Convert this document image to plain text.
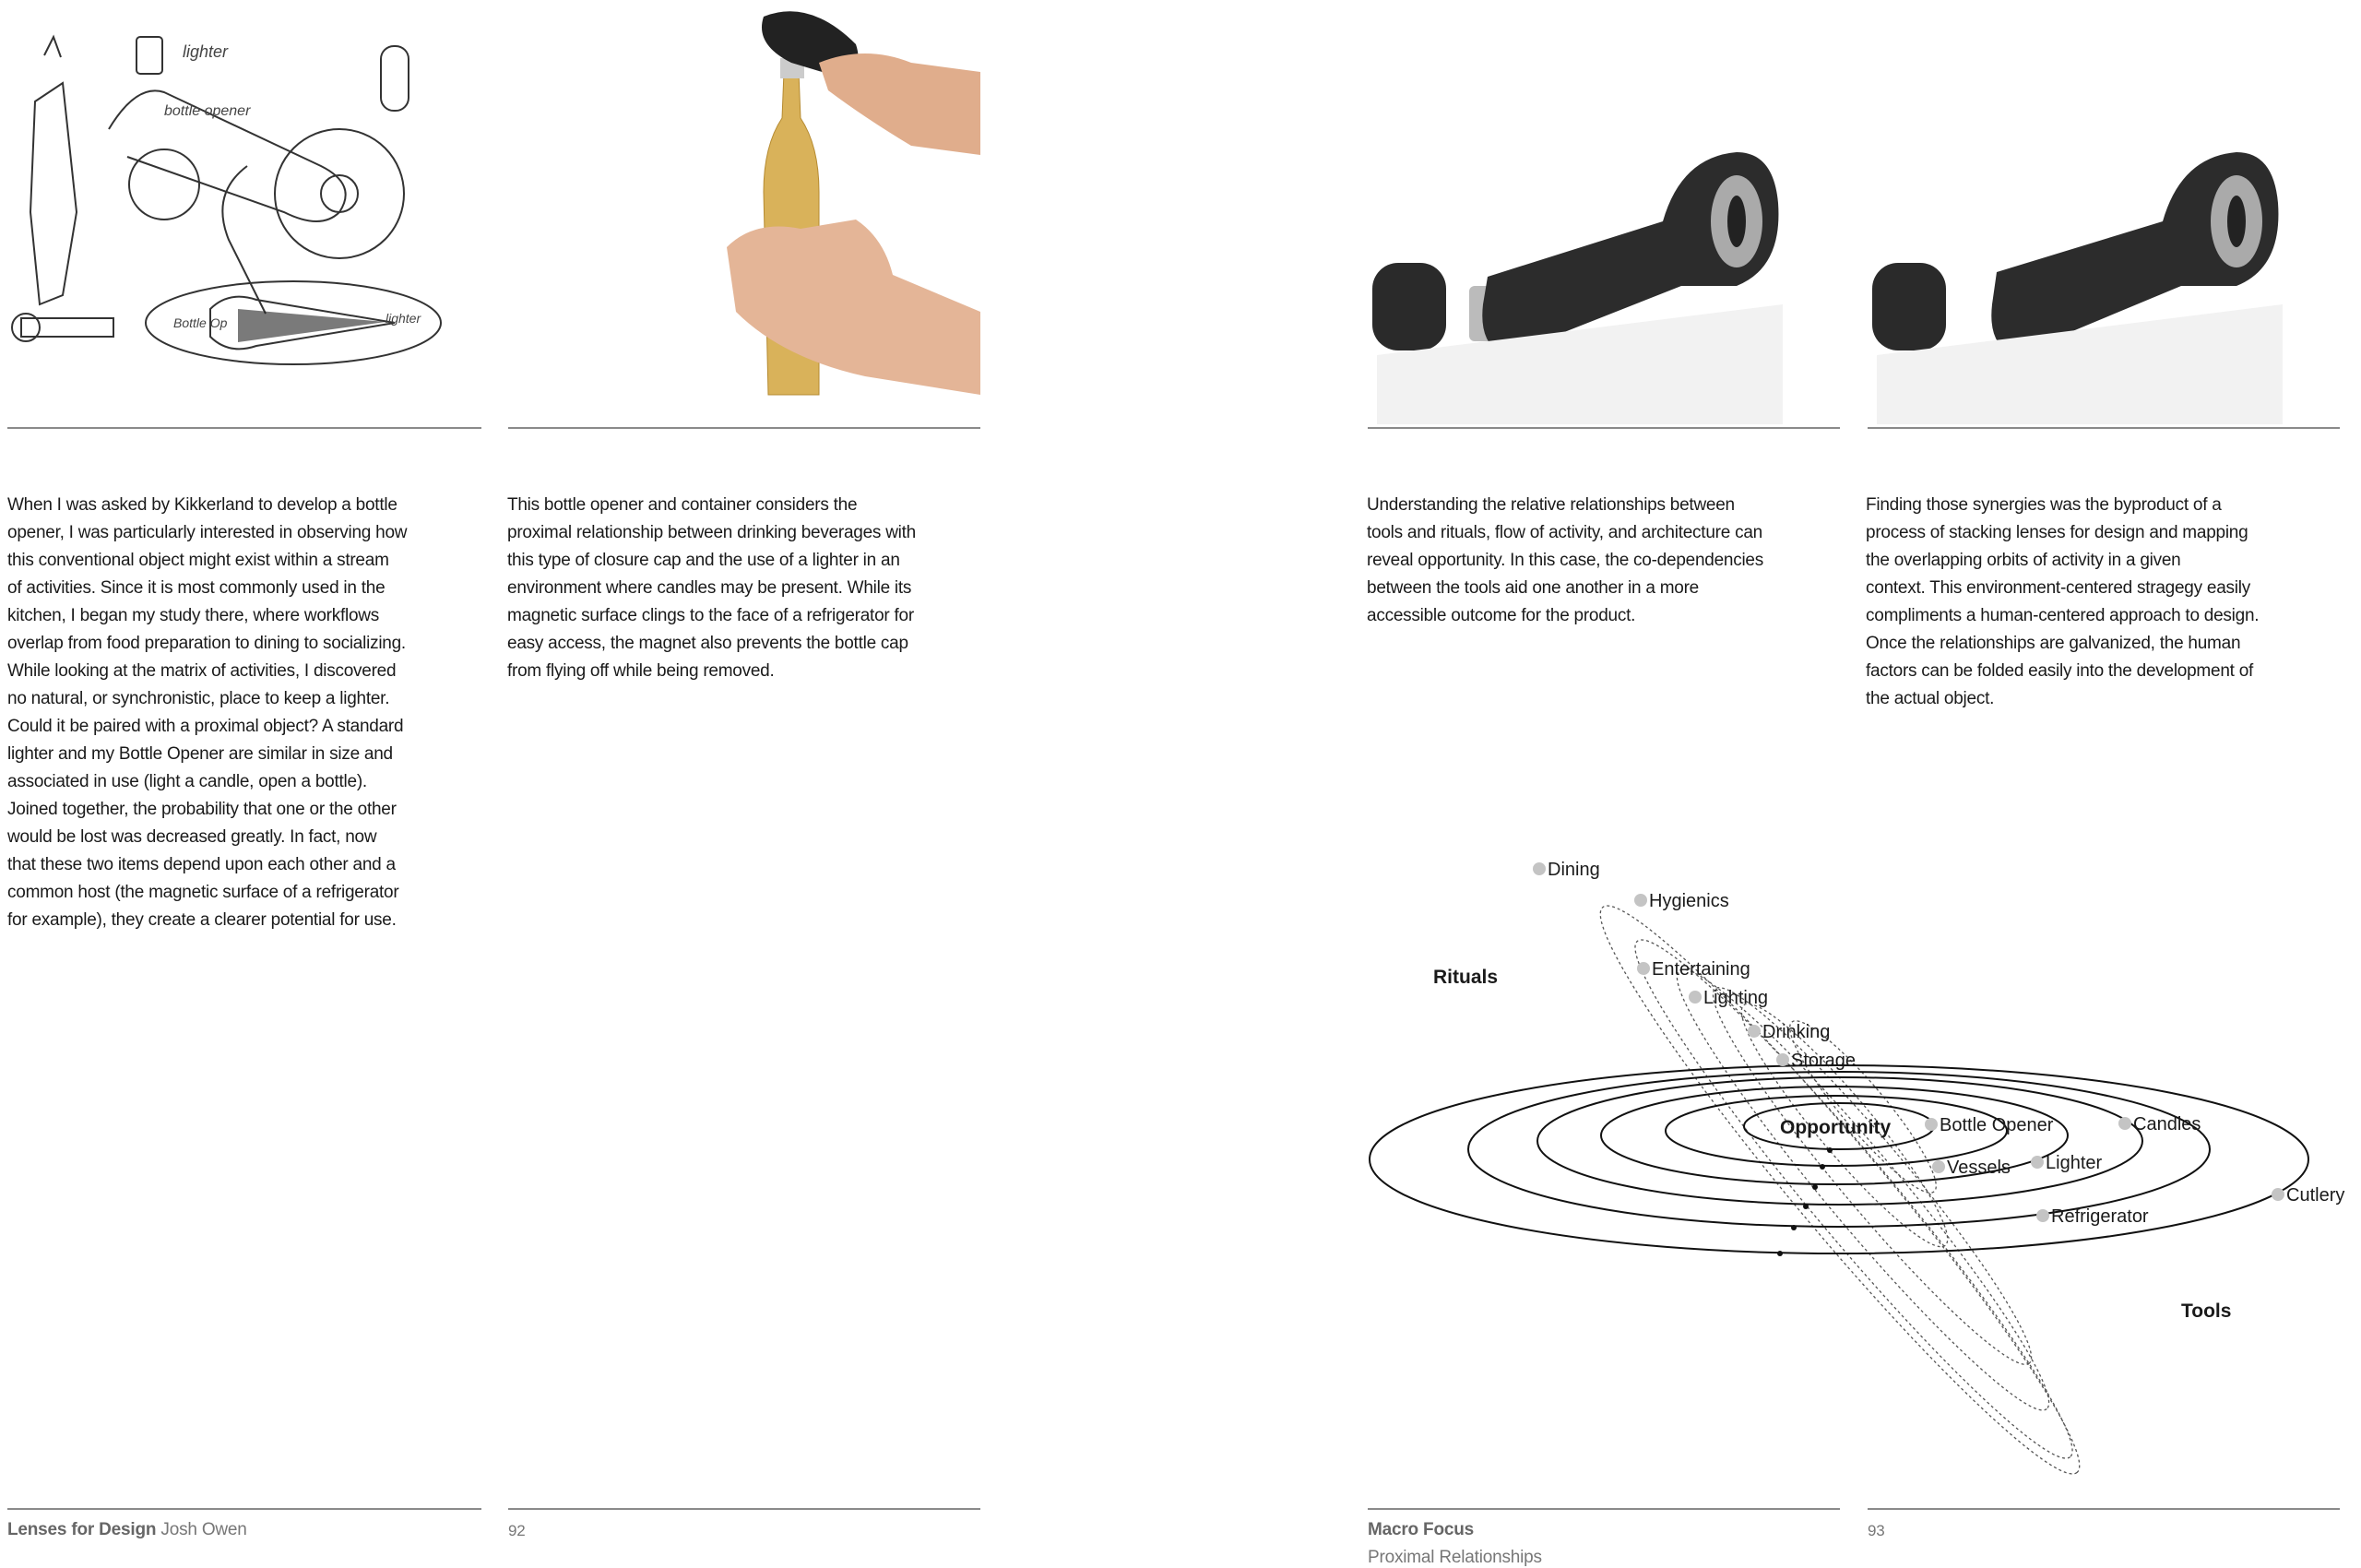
lighter
bottle opener
Bottle Op	lighter
When I was asked by Kikkerland to develop a bottle
opener, I was particularly interested in observing how
this conventional object might exist within a stream
of activities. Since it is most commonly used in the
kitchen, I began my study there, where workflows
overlap from food preparation to dining to socializing.
While looking at the matrix of activities, I discovered
no natural, or synchronistic, place to keep a lighter.
Could it be paired with a proximal object? A standard
lighter and my Bottle Opener are similar in size and
associated in use (light a candle, open a bottle).
Joined together, the probability that one or the other
would be lost was decreased greatly. In fact, now
that these two items depend upon each other and a
common host (the magnetic surface of a refrigerator
for example), they create a clearer potential for use.
This bottle opener and container considers the
proximal relationship between drinking beverages with
this type of closure cap and the use of a lighter in an
environment where candles may be present. While its
magnetic surface clings to the face of a refrigerator for
easy access, the magnet also prevents the bottle cap
from flying off while being removed.
Understanding the relative relationships between
tools and rituals, flow of activity, and architecture can
reveal opportunity. In this case, the co-dependencies
between the tools aid one another in a more
accessible outcome for the product.
Finding those synergies was the byproduct of a
process of stacking lenses for design and mapping
the overlapping orbits of activity in a given
context. This environment-centered stragegy easily
compliments a human-centered approach to design.
Once the relationships are galvanized, the human
factors can be folded easily into the development of
the actual object.
Rituals
Tools
Opportunity
Dining
Hygienics
Entertaining
Lighting
Drinking
Storage
Bottle Opener	Candles
Vessels Lighter
Cutlery
Refrigerator
Lenses for Design Josh Owen	92	Macro Focus
Proximal Relationships
93
